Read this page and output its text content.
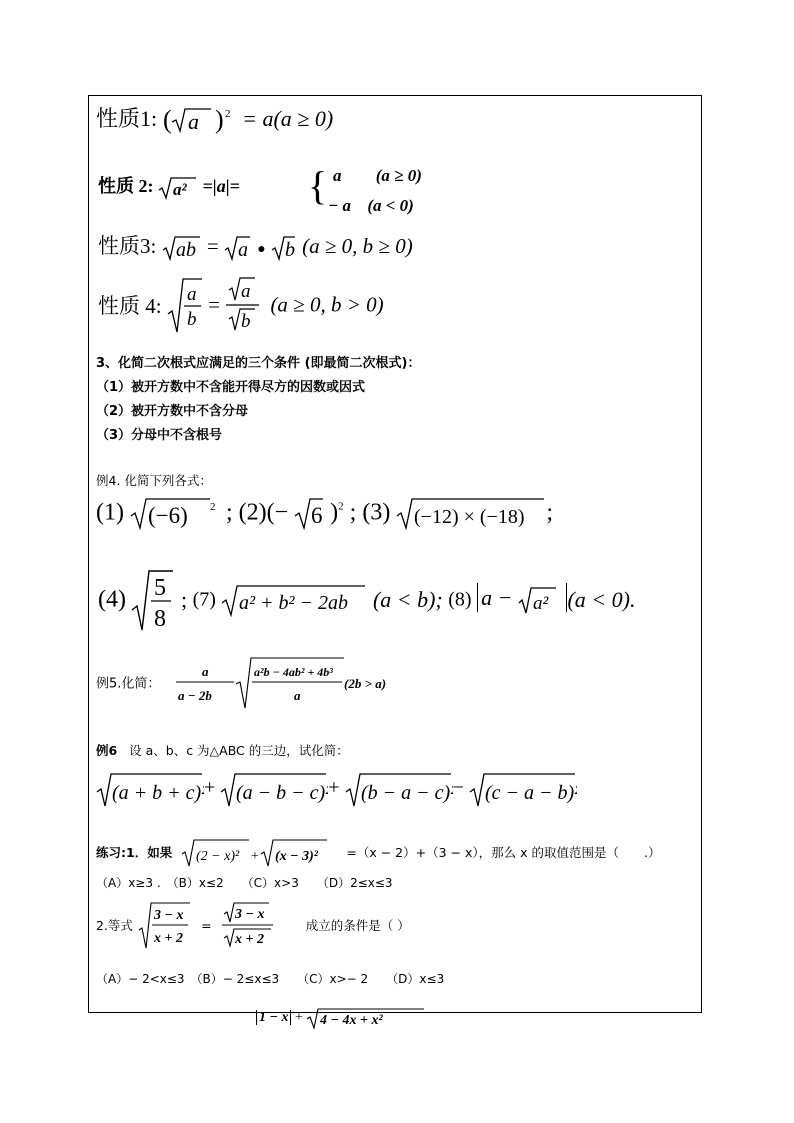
性质1: ( a ) 2 = a(a ≥ 0)
性质 2: a² =|a|= { a (a ≥ 0)
− a (a < 0)
性质3: ab = a ● b (a ≥ 0, b ≥ 0)
性质 4: a
b
=
a
b
(a ≥ 0, b > 0)
3、化简二次根式应满足的三个条件 (即最简二次根式)：
（1）被开方数中不含能开得尽方的因数或因式
（2）被开方数中不含分母
（3）分母中不含根号
例4. 化简下列各式：
(1) (−6) 2 ; (2)(− 6 )$^2$ ; (3) (−12) × (−18) ;
(4) 5
8
; (7) a² + b² − 2ab (a < b); (8) a − a² (a < 0).
例5.化简：
a
a − 2b
a²b − 4ab² + 4b³
a
(2b > a)
例6 设 a、b、c 为△ABC 的三边，试化简：
(a + b + c)²
+ (a − b − c)²
+ (b − a − c)²
− (c − a − b)²
练习:1．如果 (2 − x)² + (x − 3)² =（x − 2）+（3 − x），那么 x 的取值范围是（　　.）
（A）x≥3 .　（B）x≤2　　（C）x>3　　（D）2≤x≤3
2.等式
3 − x
x + 2
=
3 − x
x + 2
成立的条件是（ ）
（A）− 2<x≤3　（B）− 2≤x≤3　　（C）x>− 2　　（D）x≤3
1 − x + 4 − 4x + x²
